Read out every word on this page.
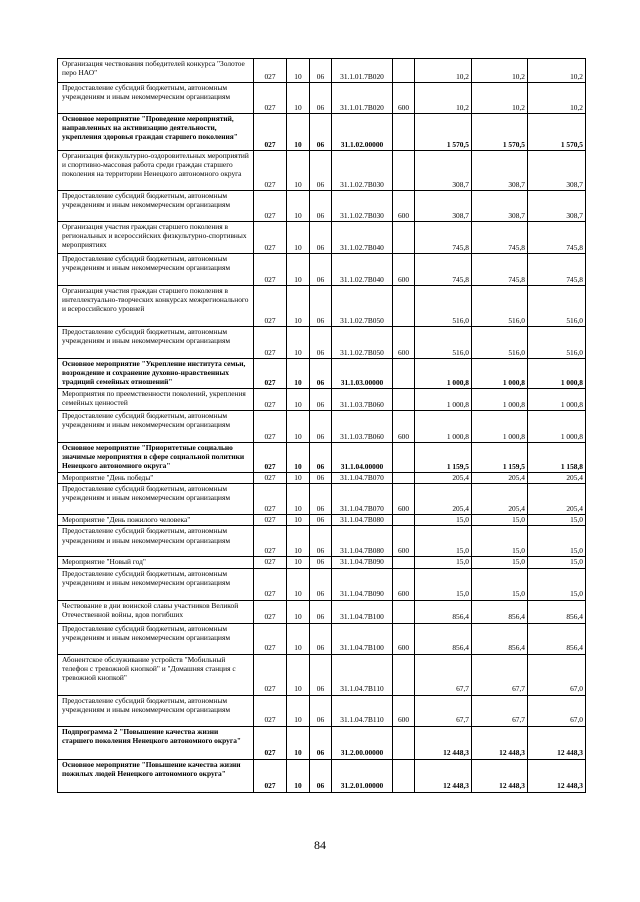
Организация чествования победителей конкурса "Золотое перо НАО"	027	10	06	31.1.01.7В020		10,2	10,2	10,2
Предоставление субсидий бюджетным, автономным учреждениям и иным некоммерческим организациям	027	10	06	31.1.01.7В020	600	10,2	10,2	10,2
Основное мероприятие "Проведение мероприятий, направленных на активизацию деятельности, укрепления здоровья граждан старшего поколения"	027	10	06	31.1.02.00000		1 570,5	1 570,5	1 570,5
Организация физкультурно-оздоровительных мероприятий и спортивно-массовая работа среди граждан старшего поколения на территории Ненецкого автономного округа	027	10	06	31.1.02.7В030		308,7	308,7	308,7
Предоставление субсидий бюджетным, автономным учреждениям и иным некоммерческим организациям	027	10	06	31.1.02.7В030	600	308,7	308,7	308,7
Организация участия граждан старшего поколения в региональных и всероссийских физкультурно-спортивных мероприятиях	027	10	06	31.1.02.7В040		745,8	745,8	745,8
Предоставление субсидий бюджетным, автономным учреждениям и иным некоммерческим организациям	027	10	06	31.1.02.7В040	600	745,8	745,8	745,8
Организация участия граждан старшего поколения в интеллектуально-творческих конкурсах межрегионального и всероссийского уровней	027	10	06	31.1.02.7В050		516,0	516,0	516,0
Предоставление субсидий бюджетным, автономным учреждениям и иным некоммерческим организациям	027	10	06	31.1.02.7В050	600	516,0	516,0	516,0
Основное мероприятие "Укрепление института семьи, возрождение и сохранение духовно-нравственных традиций семейных отношений"	027	10	06	31.1.03.00000		1 000,8	1 000,8	1 000,8
Мероприятия по преемственности поколений, укрепления семейных ценностей	027	10	06	31.1.03.7В060		1 000,8	1 000,8	1 000,8
Предоставление субсидий бюджетным, автономным учреждениям и иным некоммерческим организациям	027	10	06	31.1.03.7В060	600	1 000,8	1 000,8	1 000,8
Основное мероприятие "Приоритетные социально значимые мероприятия в сфере социальной политики Ненецкого автономного округа"	027	10	06	31.1.04.00000		1 159,5	1 159,5	1 158,8
Мероприятие "День победы"	027	10	06	31.1.04.7В070		205,4	205,4	205,4
Предоставление субсидий бюджетным, автономным учреждениям и иным некоммерческим организациям	027	10	06	31.1.04.7В070	600	205,4	205,4	205,4
Мероприятие "День пожилого человека"	027	10	06	31.1.04.7В080		15,0	15,0	15,0
Предоставление субсидий бюджетным, автономным учреждениям и иным некоммерческим организациям	027	10	06	31.1.04.7В080	600	15,0	15,0	15,0
Мероприятие "Новый год"	027	10	06	31.1.04.7В090		15,0	15,0	15,0
Предоставление субсидий бюджетным, автономным учреждениям и иным некоммерческим организациям	027	10	06	31.1.04.7В090	600	15,0	15,0	15,0
Чествование в дни воинской славы участников Великой Отечественной войны, вдов погибших	027	10	06	31.1.04.7В100		856,4	856,4	856,4
Предоставление субсидий бюджетным, автономным учреждениям и иным некоммерческим организациям	027	10	06	31.1.04.7В100	600	856,4	856,4	856,4
Абонентское обслуживание устройств "Мобильный телефон с тревожной кнопкой" и "Домашняя станция с тревожной кнопкой"	027	10	06	31.1.04.7В110		67,7	67,7	67,0
Предоставление субсидий бюджетным, автономным учреждениям и иным некоммерческим организациям	027	10	06	31.1.04.7В110	600	67,7	67,7	67,0
Подпрограмма 2 "Повышение качества жизни старшего поколения Ненецкого автономного округа"	027	10	06	31.2.00.00000		12 448,3	12 448,3	12 448,3
Основное мероприятие "Повышение качества жизни пожилых людей Ненецкого автономного округа"	027	10	06	31.2.01.00000		12 448,3	12 448,3	12 448,3
84
